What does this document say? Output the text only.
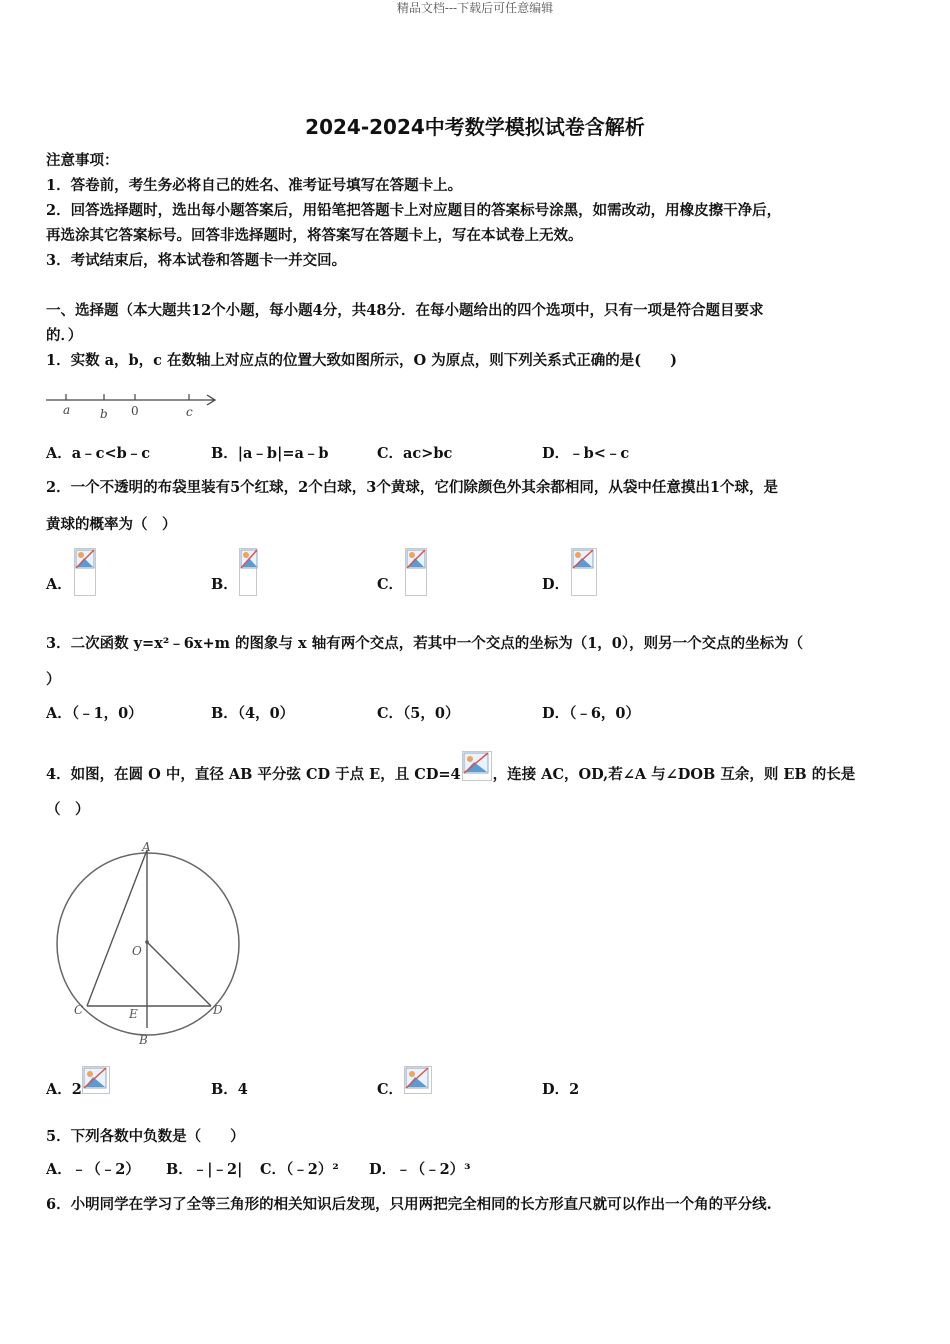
精品文档---下载后可任意编辑
2024-2024中考数学模拟试卷含解析
注意事项：
1．答卷前，考生务必将自己的姓名、准考证号填写在答题卡上。
2．回答选择题时，选出每小题答案后，用铅笔把答题卡上对应题目的答案标号涂黑，如需改动，用橡皮擦干净后，
再选涂其它答案标号。回答非选择题时，将答案写在答题卡上，写在本试卷上无效。
3．考试结束后，将本试卷和答题卡一并交回。
一、选择题（本大题共12个小题，每小题4分，共48分．在每小题给出的四个选项中，只有一项是符合题目要求
的．）
1．实数 a，b，c 在数轴上对应点的位置大致如图所示，O 为原点，则下列关系式正确的是(　　)
a b 0	c
A．a﹣c<b﹣c	B．|a﹣b|=a﹣b	C．ac>bc	D．﹣b<﹣c
2．一个不透明的布袋里装有5个红球，2个白球，3个黄球，它们除颜色外其余都相同，从袋中任意摸出1个球，是
黄球的概率为（　）
A．	B．	C．	D．
3．二次函数 y=x²﹣6x+m 的图象与 x 轴有两个交点，若其中一个交点的坐标为（1，0），则另一个交点的坐标为（
）
A．（﹣1，0）	B．（4，0）	C．（5，0）	D．（﹣6，0）
4．如图，在圆 O 中，直径 AB 平分弦 CD 于点 E，且 CD=4 ，连接 AC，OD,若∠A 与∠DOB 互余，则 EB 的长是
（　）
A
O
C	E	D
B
A．2	B．4	C．	D．2
5．下列各数中负数是（　　）
A．﹣（﹣2） B．﹣|﹣2| C．（﹣2）² D．﹣（﹣2）³
6．小明同学在学习了全等三角形的相关知识后发现，只用两把完全相同的长方形直尺就可以作出一个角的平分线.
